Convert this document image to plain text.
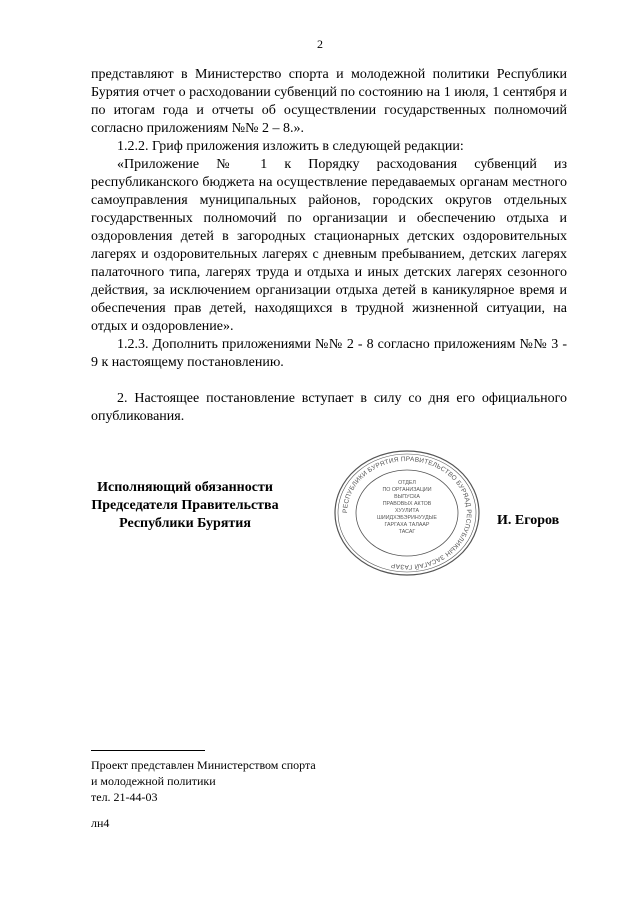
2

представляют в Министерство спорта и молодежной политики Республики Бурятия отчет о расходовании субвенций по состоянию на 1 июля, 1 сентября и по итогам года и отчеты об осуществлении государственных полномочий согласно приложениям №№ 2 – 8.».

1.2.2. Гриф приложения изложить в следующей редакции:

«Приложение № 1 к Порядку расходования субвенций из республиканского бюджета на осуществление передаваемых органам местного самоуправления муниципальных районов, городских округов отдельных государственных полномочий по организации и обеспечению отдыха и оздоровления детей в загородных стационарных детских оздоровительных лагерях и оздоровительных лагерях с дневным пребыванием, детских лагерях палаточного типа, лагерях труда и отдыха и иных детских лагерях сезонного действия, за исключением организации отдыха детей в каникулярное время и обеспечения прав детей, находящихся в трудной жизненной ситуации, на отдых и оздоровление».

1.2.3. Дополнить приложениями №№ 2 - 8 согласно приложениям №№ 3 - 9 к настоящему постановлению.

2. Настоящее постановление вступает в силу со дня его официального опубликования.

Исполняющий обязанности
Председателя Правительства
Республики Бурятия
РЕСПУБЛИКИ БУРЯТИЯ ПРАВИТЕЛЬСТВО БУРЯАД РЕСПУБЛИКЫН ЗАСАГАЙ ГАЗАР
ОТДЕЛ
ПО ОРГАНИЗАЦИИ
ВЫПУСКА
ПРАВОВЫХ АКТОВ
ХУУЛИТА
ШИИДХЭБЭРИНУУДЫЕ
ГАРГАХА ТАЛААР
ТАСАГ
И. Егоров
Проект представлен Министерством спорта
и молодежной политики
тел. 21-44-03
лн4
